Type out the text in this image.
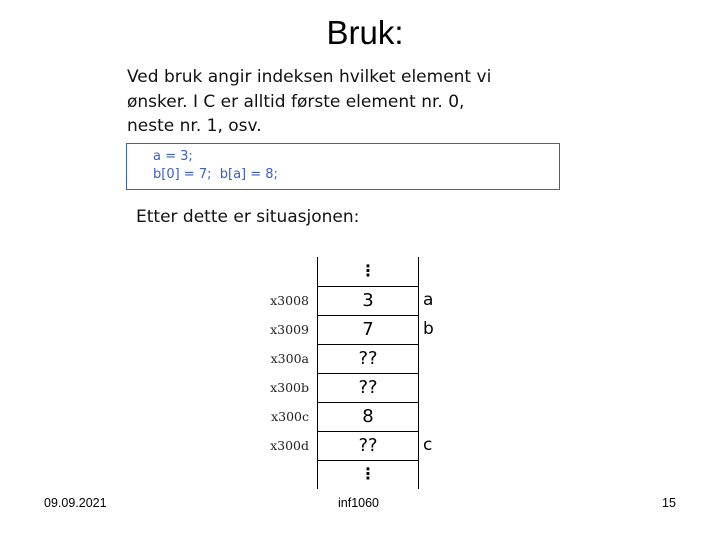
Bruk:
Ved bruk angir indeksen hvilket element vi
ønsker. I C er alltid første element nr. 0,
neste nr. 1, osv.
a = 3;
b[0] = 7;  b[a] = 8;
Etter dette er situasjonen:
⋮
3
7
??
??
8
??
⋮
x3008
x3009
x300a
x300b
x300c
x300d
a
b
c
09.09.2021	inf1060	15
